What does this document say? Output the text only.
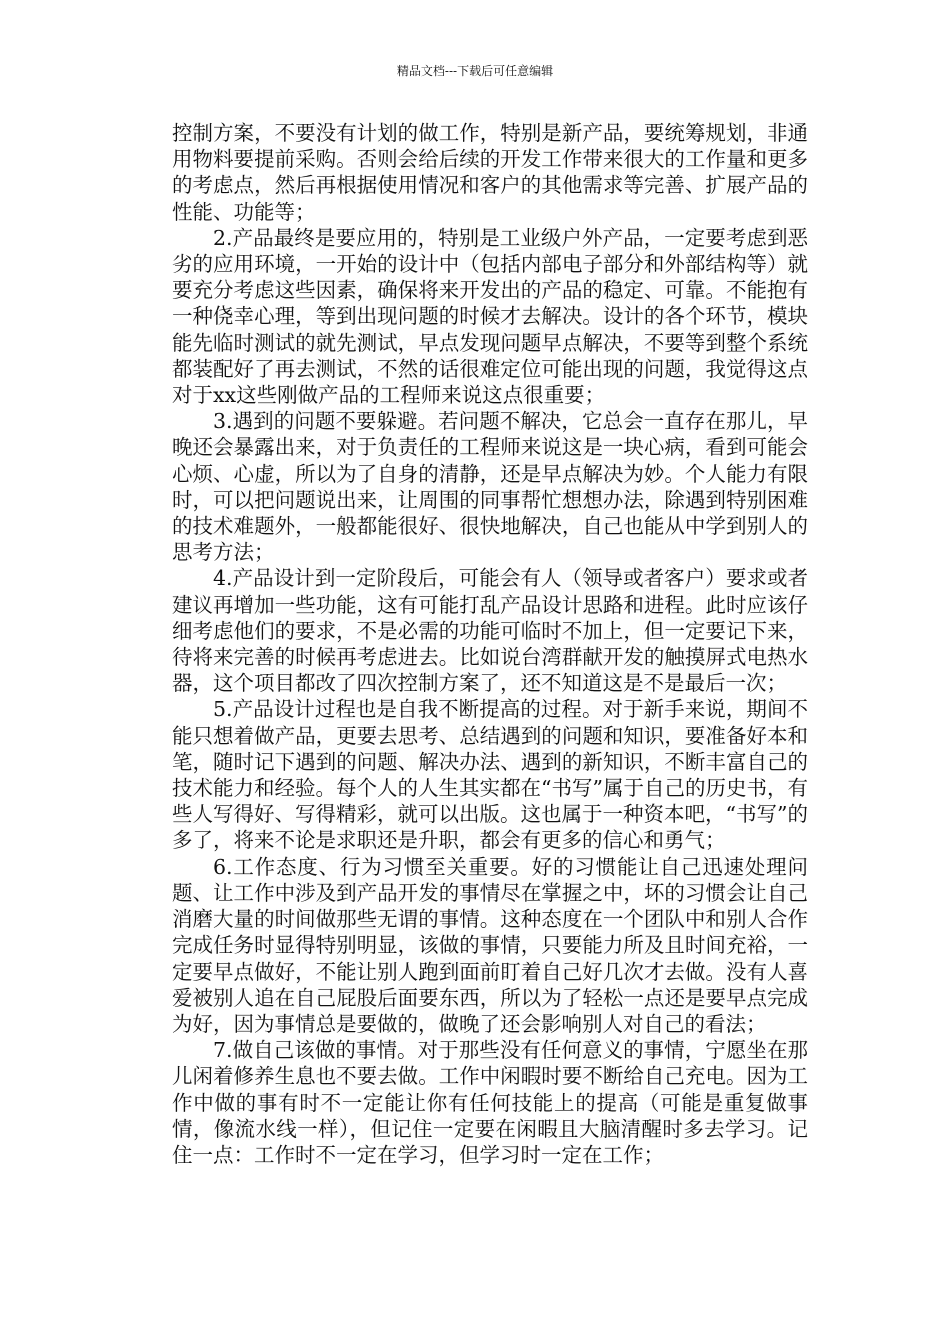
精品文档---下载后可任意编辑

控制方案，不要没有计划的做工作，特别是新产品，要统筹规划，非通用物料要提前采购。否则会给后续的开发工作带来很大的工作量和更多的考虑点，然后再根据使用情况和客户的其他需求等完善、扩展产品的性能、功能等；

2.产品最终是要应用的，特别是工业级户外产品，一定要考虑到恶劣的应用环境，一开始的设计中（包括内部电子部分和外部结构等）就要充分考虑这些因素，确保将来开发出的产品的稳定、可靠。不能抱有一种侥幸心理，等到出现问题的时候才去解决。设计的各个环节，模块能先临时测试的就先测试，早点发现问题早点解决，不要等到整个系统都装配好了再去测试，不然的话很难定位可能出现的问题，我觉得这点对于xx这些刚做产品的工程师来说这点很重要；

3.遇到的问题不要躲避。若问题不解决，它总会一直存在那儿，早晚还会暴露出来，对于负责任的工程师来说这是一块心病，看到可能会心烦、心虚，所以为了自身的清静，还是早点解决为妙。个人能力有限时，可以把问题说出来，让周围的同事帮忙想想办法，除遇到特别困难的技术难题外，一般都能很好、很快地解决，自己也能从中学到别人的思考方法；

4.产品设计到一定阶段后，可能会有人（领导或者客户）要求或者建议再增加一些功能，这有可能打乱产品设计思路和进程。此时应该仔细考虑他们的要求，不是必需的功能可临时不加上，但一定要记下来，待将来完善的时候再考虑进去。比如说台湾群献开发的触摸屏式电热水器，这个项目都改了四次控制方案了，还不知道这是不是最后一次；

5.产品设计过程也是自我不断提高的过程。对于新手来说，期间不能只想着做产品，更要去思考、总结遇到的问题和知识，要准备好本和笔，随时记下遇到的问题、解决办法、遇到的新知识，不断丰富自己的技术能力和经验。每个人的人生其实都在“书写”属于自己的历史书，有些人写得好、写得精彩，就可以出版。这也属于一种资本吧，“书写”的多了，将来不论是求职还是升职，都会有更多的信心和勇气；

6.工作态度、行为习惯至关重要。好的习惯能让自己迅速处理问题、让工作中涉及到产品开发的事情尽在掌握之中，坏的习惯会让自己消磨大量的时间做那些无谓的事情。这种态度在一个团队中和别人合作完成任务时显得特别明显，该做的事情，只要能力所及且时间充裕，一定要早点做好，不能让别人跑到面前盯着自己好几次才去做。没有人喜爱被别人追在自己屁股后面要东西，所以为了轻松一点还是要早点完成为好，因为事情总是要做的，做晚了还会影响别人对自己的看法；

7.做自己该做的事情。对于那些没有任何意义的事情，宁愿坐在那儿闲着修养生息也不要去做。工作中闲暇时要不断给自己充电。因为工作中做的事有时不一定能让你有任何技能上的提高（可能是重复做事情，像流水线一样），但记住一定要在闲暇且大脑清醒时多去学习。记住一点：工作时不一定在学习，但学习时一定在工作；
